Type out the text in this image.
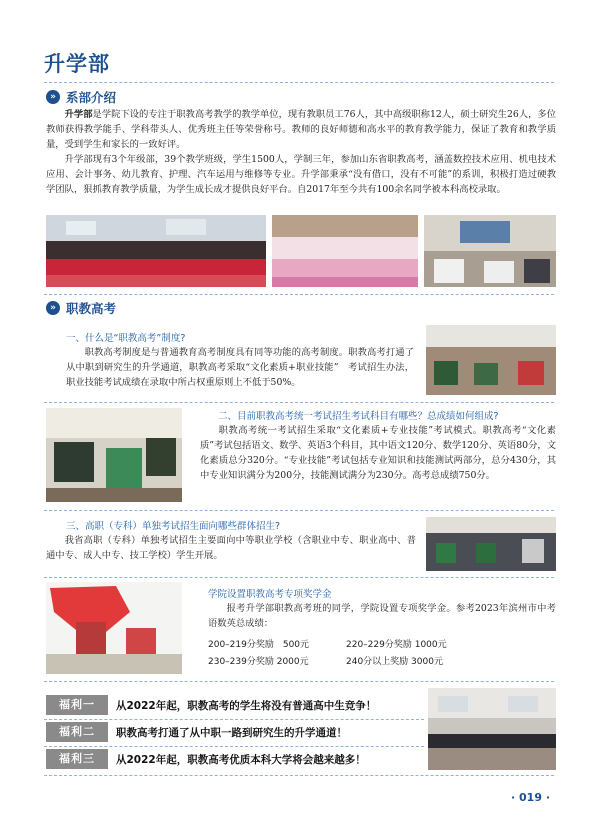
升学部
» 系部介绍
升学部是学院下设的专注于职教高考教学的教学单位，现有教职员工76人，其中高级职称12人，硕士研究生26人，多位教师获得教学能手、学科带头人、优秀班主任等荣誉称号。教师的良好师德和高水平的教育教学能力，保证了教育和教学质量，受到学生和家长的一致好评。
升学部现有3个年级部，39个教学班级，学生1500人，学制三年，参加山东省职教高考，涵盖数控技术应用、机电技术应用、会计事务、幼儿教育、护理、汽车运用与维修等专业。升学部秉承“没有借口，没有不可能”的系训，积极打造过硬教学团队，狠抓教育教学质量，为学生成长成才提供良好平台。自2017年至今共有100余名同学被本科高校录取。
» 职教高考
一、什么是“职教高考”制度?
职教高考制度是与普通教育高考制度具有同等功能的高考制度。职教高考打通了从中职到研究生的升学通道，职教高考采取“文化素质+职业技能”　考试招生办法，职业技能考试成绩在录取中所占权重原则上不低于50%。
二、目前职教高考统一考试招生考试科目有哪些？总成绩如何组成?
职教高考统一考试招生采取“文化素质+专业技能”考试模式。职教高考“文化素质”考试包括语文、数学、英语3个科目，其中语文120分、数学120分、英语80分，文化素质总分320分。“专业技能”考试包括专业知识和技能测试两部分，总分430分，其中专业知识满分为200分，技能测试满分为230分。高考总成绩750分。
三、高职（专科）单独考试招生面向哪些群体招生?
我省高职（专科）单独考试招生主要面向中等职业学校（含职业中专、职业高中、普通中专、成人中专、技工学校）学生开展。
学院设置职教高考专项奖学金
报考升学部职教高考班的同学，学院设置专项奖学金。参考2023年滨州市中考语数英总成绩：
200–219分奖励　500元	220–229分奖励 1000元
230–239分奖励 2000元	240分以上奖励 3000元
福利一	从2022年起，职教高考的学生将没有普通高中生竞争！
福利二	职教高考打通了从中职一路到研究生的升学通道！
福利三	从2022年起，职教高考优质本科大学将会越来越多！
· 019 ·
